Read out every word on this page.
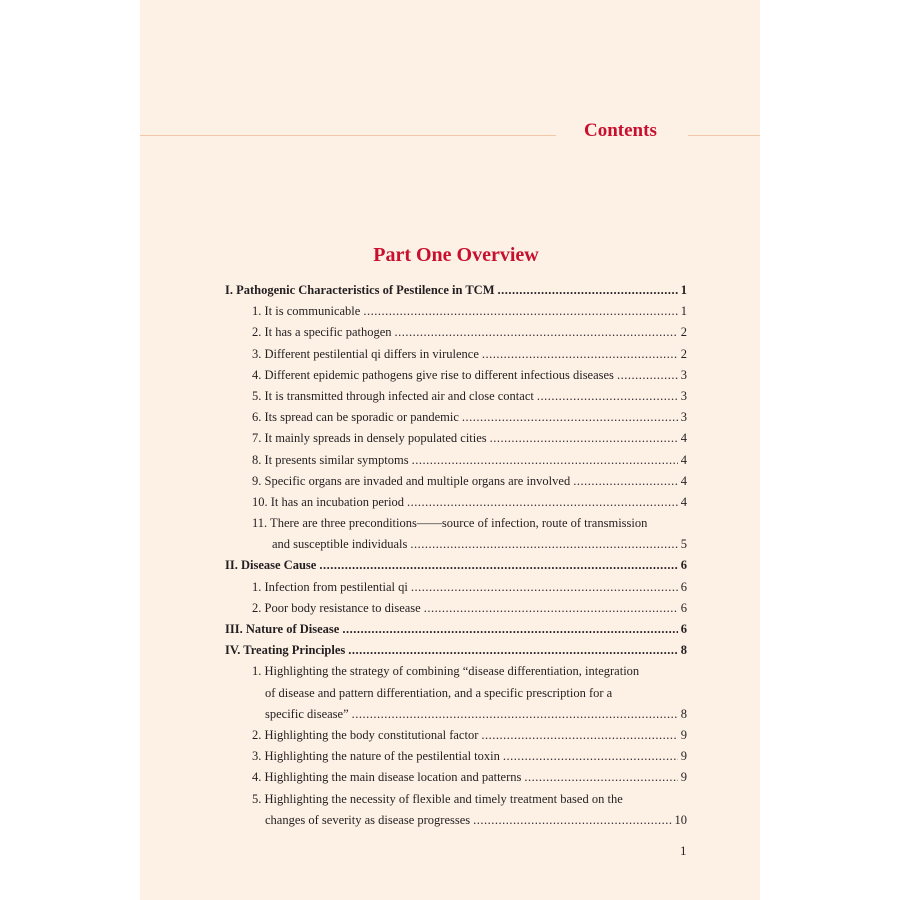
Contents
Part One Overview
I. Pathogenic Characteristics of Pestilence in TCM .....	1
1. It is communicable .....	1
2. It has a specific pathogen .....	2
3. Different pestilential qi differs in virulence .....	2
4. Different epidemic pathogens give rise to different infectious diseases .....	3
5. It is transmitted through infected air and close contact .....	3
6. Its spread can be sporadic or pandemic .....	3
7. It mainly spreads in densely populated cities .....	4
8. It presents similar symptoms .....	4
9. Specific organs are invaded and multiple organs are involved .....	4
10. It has an incubation period .....	4
11. There are three preconditions——source of infection, route of transmission
and susceptible individuals .....	5
II. Disease Cause .....	6
1. Infection from pestilential qi .....	6
2. Poor body resistance to disease .....	6
III. Nature of Disease .....	6
IV. Treating Principles .....	8
1. Highlighting the strategy of combining “disease differentiation, integration
of disease and pattern differentiation, and a specific prescription for a
specific disease” .....	8
2. Highlighting the body constitutional factor .....	9
3. Highlighting the nature of the pestilential toxin .....	9
4. Highlighting the main disease location and patterns .....	9
5. Highlighting the necessity of flexible and timely treatment based on the
changes of severity as disease progresses .....	10
1
